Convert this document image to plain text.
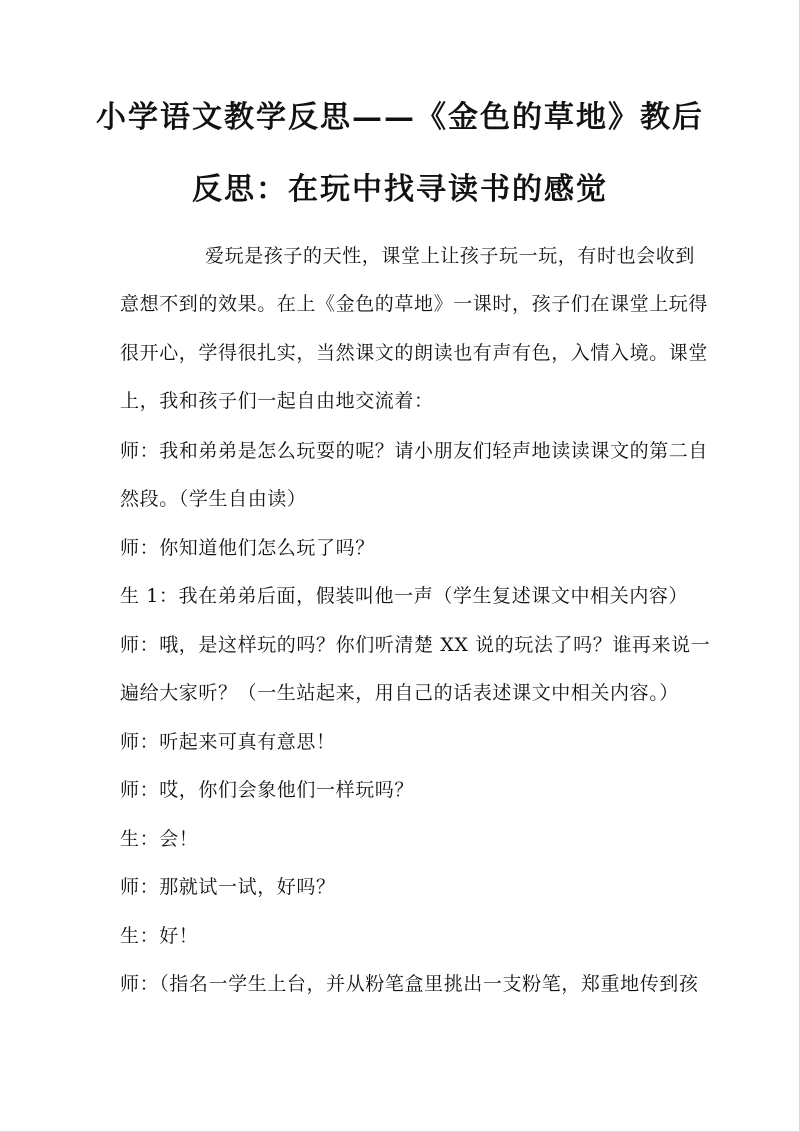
小学语文教学反思——《金色的草地》教后
反思：在玩中找寻读书的感觉

爱玩是孩子的天性，课堂上让孩子玩一玩，有时也会收到

意想不到的效果。在上《金色的草地》一课时，孩子们在课堂上玩得

很开心，学得很扎实，当然课文的朗读也有声有色，入情入境。课堂

上，我和孩子们一起自由地交流着：

师：我和弟弟是怎么玩耍的呢？请小朋友们轻声地读读课文的第二自

然段。（学生自由读）

师：你知道他们怎么玩了吗？

生 1：我在弟弟后面，假装叫他一声（学生复述课文中相关内容）

师：哦，是这样玩的吗？你们听清楚 XX 说的玩法了吗？谁再来说一

遍给大家听？（一生站起来，用自己的话表述课文中相关内容。）

师：听起来可真有意思！

师：哎，你们会象他们一样玩吗？

生：会！

师：那就试一试，好吗？

生：好！

师：（指名一学生上台，并从粉笔盒里挑出一支粉笔，郑重地传到孩
